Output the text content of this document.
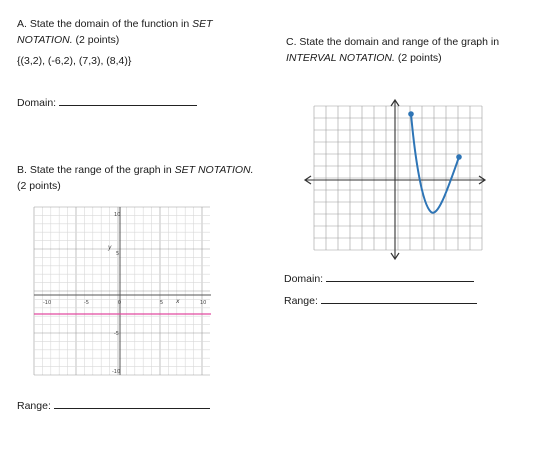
A. State the domain of the function in SET
NOTATION. (2 points)
{(3,2), (-6,2), (7,3), (8,4)}
Domain:
B. State the range of the graph in SET NOTATION.
(2 points)
-10	-5	0	5	10
10
5
-5
-10
x
y
Range:
C. State the domain and range of the graph in
INTERVAL NOTATION. (2 points)
Domain:
Range:
